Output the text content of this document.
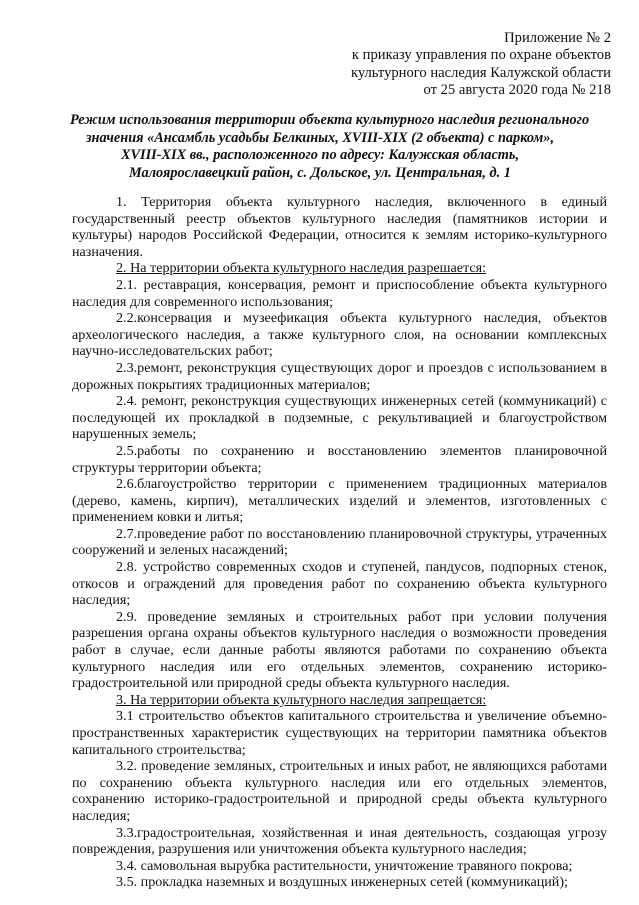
Приложение № 2
к приказу управления по охране объектов
культурного наследия Калужской области
от 25 августа 2020 года № 218
Режим использования территории объекта культурного наследия регионального
значения «Ансамбль усадьбы Белкиных, XVIII-XIX (2 объекта) с парком»,
XVIII-XIX вв., расположенного по адресу: Калужская область,
Малоярославецкий район, с. Дольское, ул. Центральная, д. 1

1. Территория объекта культурного наследия, включенного в единый государственный реестр объектов культурного наследия (памятников истории и культуры) народов Российской Федерации, относится к землям историко-культурного назначения.

2. На территории объекта культурного наследия разрешается:

2.1. реставрация, консервация, ремонт и приспособление объекта культурного наследия для современного использования;

2.2.консервация и музеефикация объекта культурного наследия, объектов археологического наследия, а также культурного слоя, на основании комплексных научно-исследовательских работ;

2.3.ремонт, реконструкция существующих дорог и проездов с использованием в дорожных покрытиях традиционных материалов;

2.4. ремонт, реконструкция существующих инженерных сетей (коммуникаций) с последующей их прокладкой в подземные, с рекультивацией и благоустройством нарушенных земель;

2.5.работы по сохранению и восстановлению элементов планировочной структуры территории объекта;

2.6.благоустройство территории с применением традиционных материалов (дерево, камень, кирпич), металлических изделий и элементов, изготовленных с применением ковки и литья;

2.7.проведение работ по восстановлению планировочной структуры, утраченных сооружений и зеленых насаждений;

2.8. устройство современных сходов и ступеней, пандусов, подпорных стенок, откосов и ограждений для проведения работ по сохранению объекта культурного наследия;

2.9. проведение земляных и строительных работ при условии получения разрешения органа охраны объектов культурного наследия о возможности проведения работ в случае, если данные работы являются работами по сохранению объекта культурного наследия или его отдельных элементов, сохранению историко-градостроительной или природной среды объекта культурного наследия.

3. На территории объекта культурного наследия запрещается:

3.1 строительство объектов капитального строительства и увеличение объемно-пространственных характеристик существующих на территории памятника объектов капитального строительства;

3.2. проведение земляных, строительных и иных работ, не являющихся работами по сохранению объекта культурного наследия или его отдельных элементов, сохранению историко-градостроительной и природной среды объекта культурного наследия;

3.3.градостроительная, хозяйственная и иная деятельность, создающая угрозу повреждения, разрушения или уничтожения объекта культурного наследия;

3.4. самовольная вырубка растительности, уничтожение травяного покрова;

3.5. прокладка наземных и воздушных инженерных сетей (коммуникаций);
